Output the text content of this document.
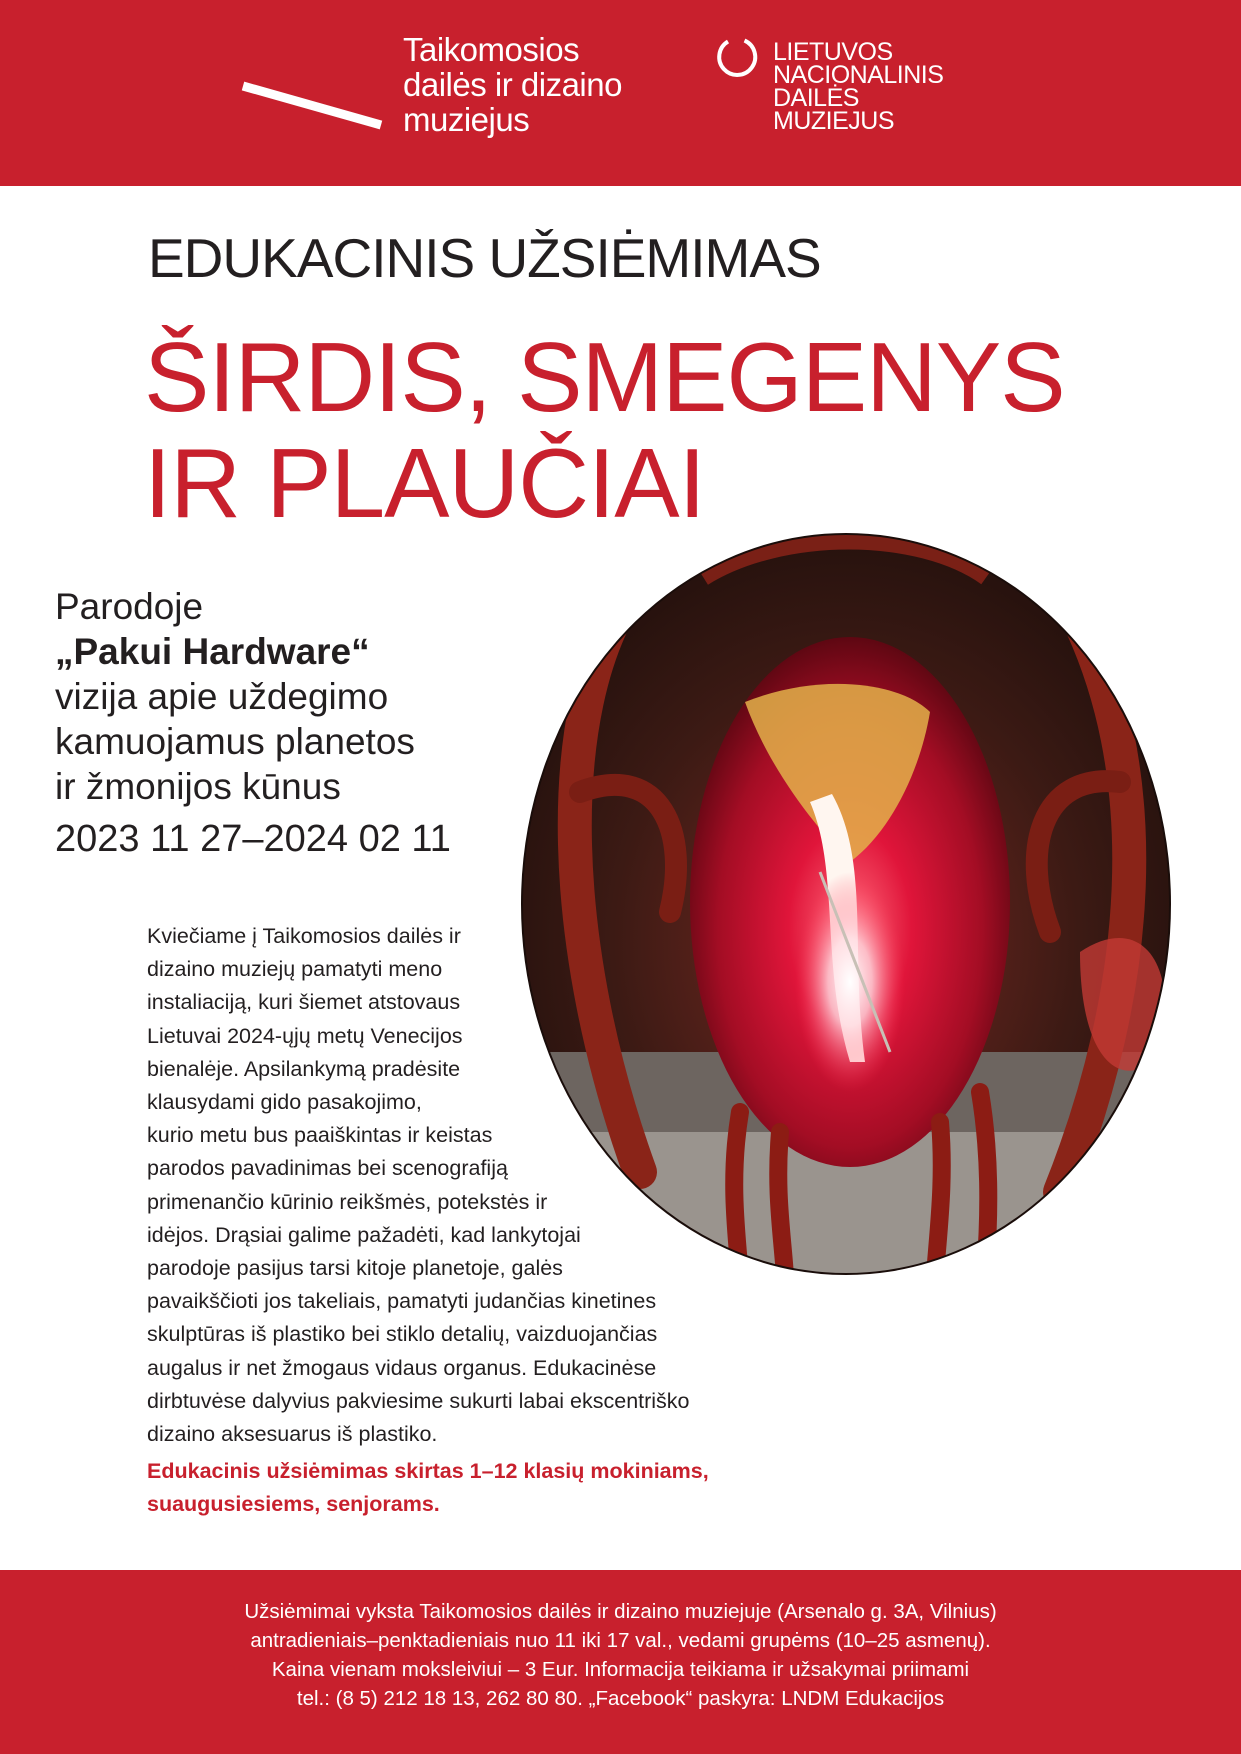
Taikomosios
dailės ir dizaino
muziejus
LIETUVOS
NACIONALINIS
DAILĖS
MUZIEJUS
EDUKACINIS UŽSIĖMIMAS
ŠIRDIS, SMEGENYS
IR PLAUČIAI
Parodoje
„Pakui Hardware“
vizija apie uždegimo
kamuojamus planetos
ir žmonijos kūnus
2023 11 27–2024 02 11
Kviečiame į Taikomosios dailės ir
dizaino muziejų pamatyti meno
instaliaciją, kuri šiemet atstovaus
Lietuvai 2024-ųjų metų Venecijos
bienalėje. Apsilankymą pradėsite
klausydami gido pasakojimo,
kurio metu bus paaiškintas ir keistas
parodos pavadinimas bei scenografiją
primenančio kūrinio reikšmės, potekstės ir
idėjos. Drąsiai galime pažadėti, kad lankytojai
parodoje pasijus tarsi kitoje planetoje, galės
pavaikščioti jos takeliais, pamatyti judančias kinetines
skulptūras iš plastiko bei stiklo detalių, vaizduojančias
augalus ir net žmogaus vidaus organus. Edukacinėse
dirbtuvėse dalyvius pakviesime sukurti labai ekscentriško
dizaino aksesuarus iš plastiko.
Edukacinis užsiėmimas skirtas 1–12 klasių mokiniams,
suaugusiesiems, senjorams.
Užsiėmimai vyksta Taikomosios dailės ir dizaino muziejuje (Arsenalo g. 3A, Vilnius)
antradieniais–penktadieniais nuo 11 iki 17 val., vedami grupėms (10–25 asmenų).
Kaina vienam moksleiviui – 3 Eur. Informacija teikiama ir užsakymai priimami
tel.: (8 5) 212 18 13, 262 80 80. „Facebook“ paskyra: LNDM Edukacijos
